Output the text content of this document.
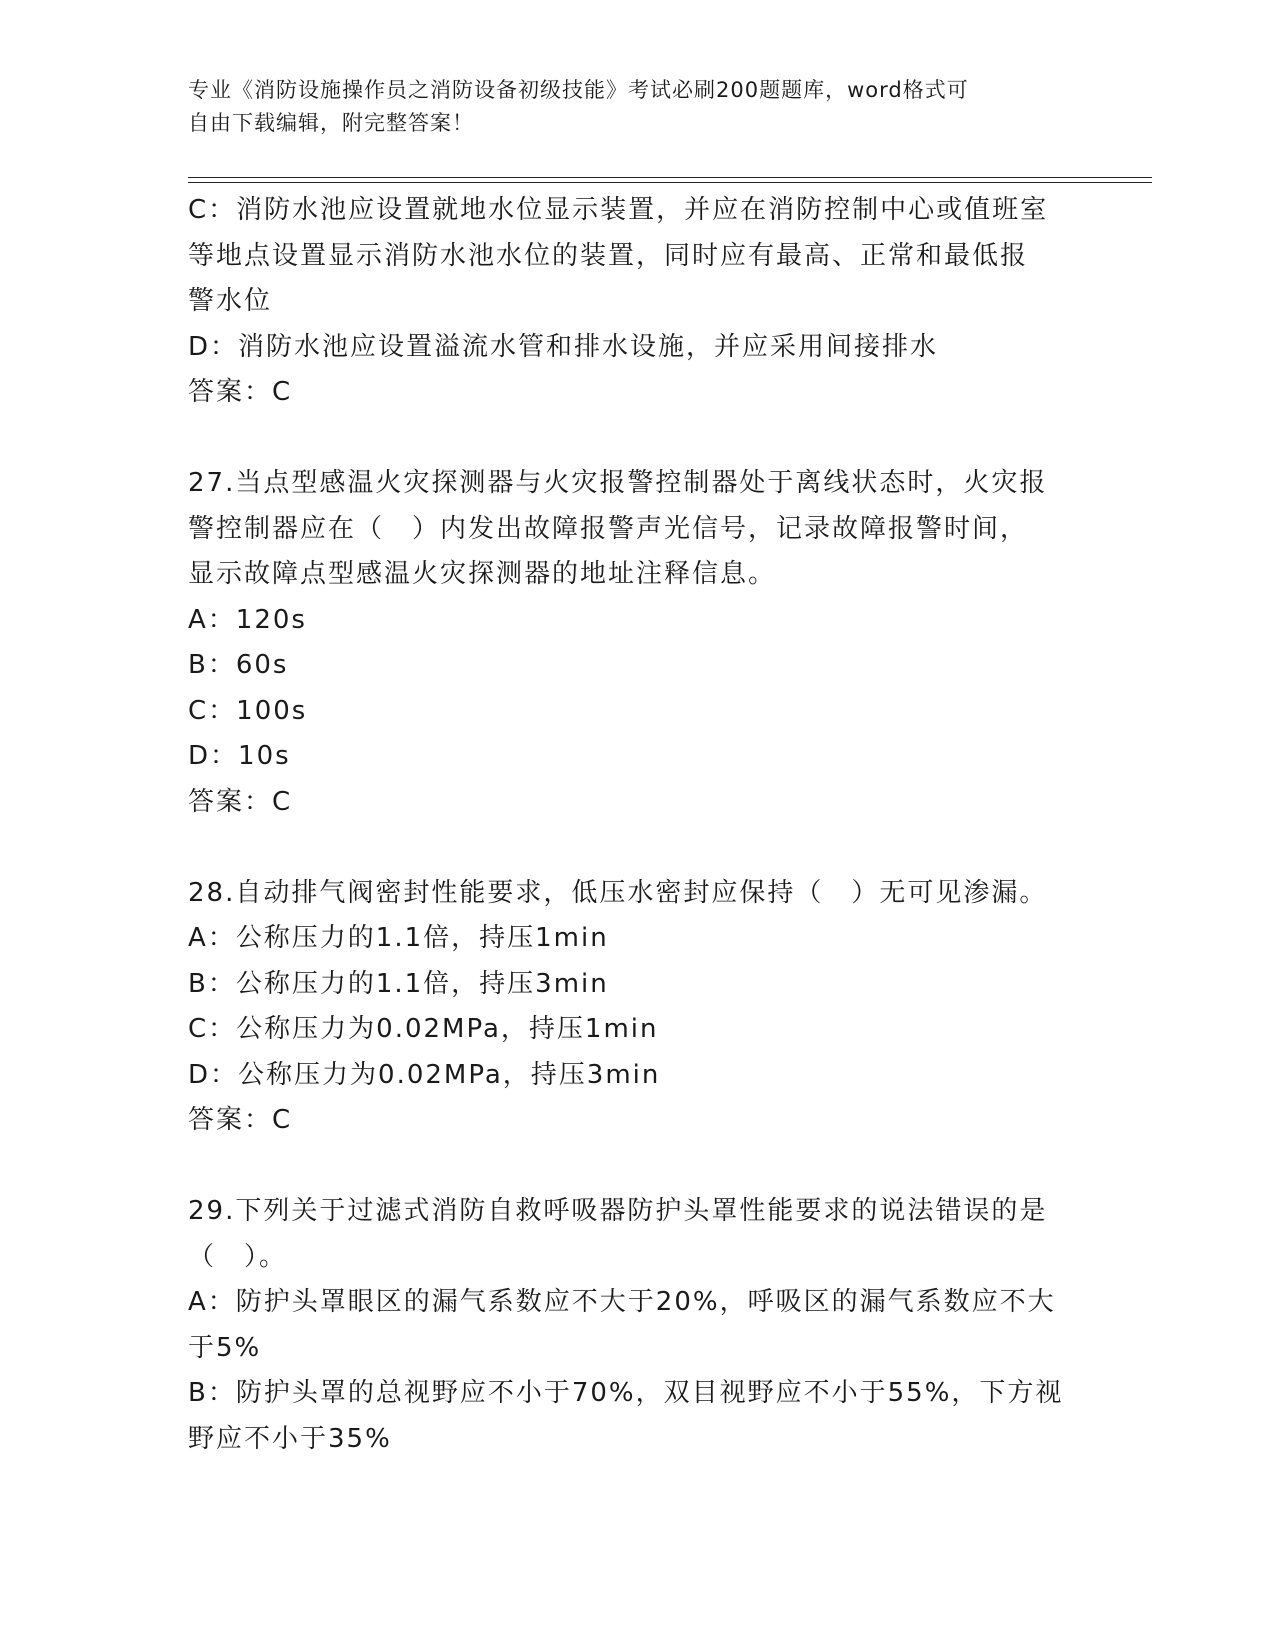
专业《消防设施操作员之消防设备初级技能》考试必刷200题题库，word格式可
自由下载编辑，附完整答案！
C：消防水池应设置就地水位显示装置，并应在消防控制中心或值班室
等地点设置显示消防水池水位的装置，同时应有最高、正常和最低报
警水位
D：消防水池应设置溢流水管和排水设施，并应采用间接排水
答案：C
27.当点型感温火灾探测器与火灾报警控制器处于离线状态时，火灾报
警控制器应在（　）内发出故障报警声光信号，记录故障报警时间，
显示故障点型感温火灾探测器的地址注释信息。
A：120s
B：60s
C：100s
D：10s
答案：C
28.自动排气阀密封性能要求，低压水密封应保持（　）无可见渗漏。
A：公称压力的1.1倍，持压1min
B：公称压力的1.1倍，持压3min
C：公称压力为0.02MPa，持压1min
D：公称压力为0.02MPa，持压3min
答案：C
29.下列关于过滤式消防自救呼吸器防护头罩性能要求的说法错误的是
（　）。
A：防护头罩眼区的漏气系数应不大于20%，呼吸区的漏气系数应不大
于5%
B：防护头罩的总视野应不小于70%，双目视野应不小于55%，下方视
野应不小于35%
